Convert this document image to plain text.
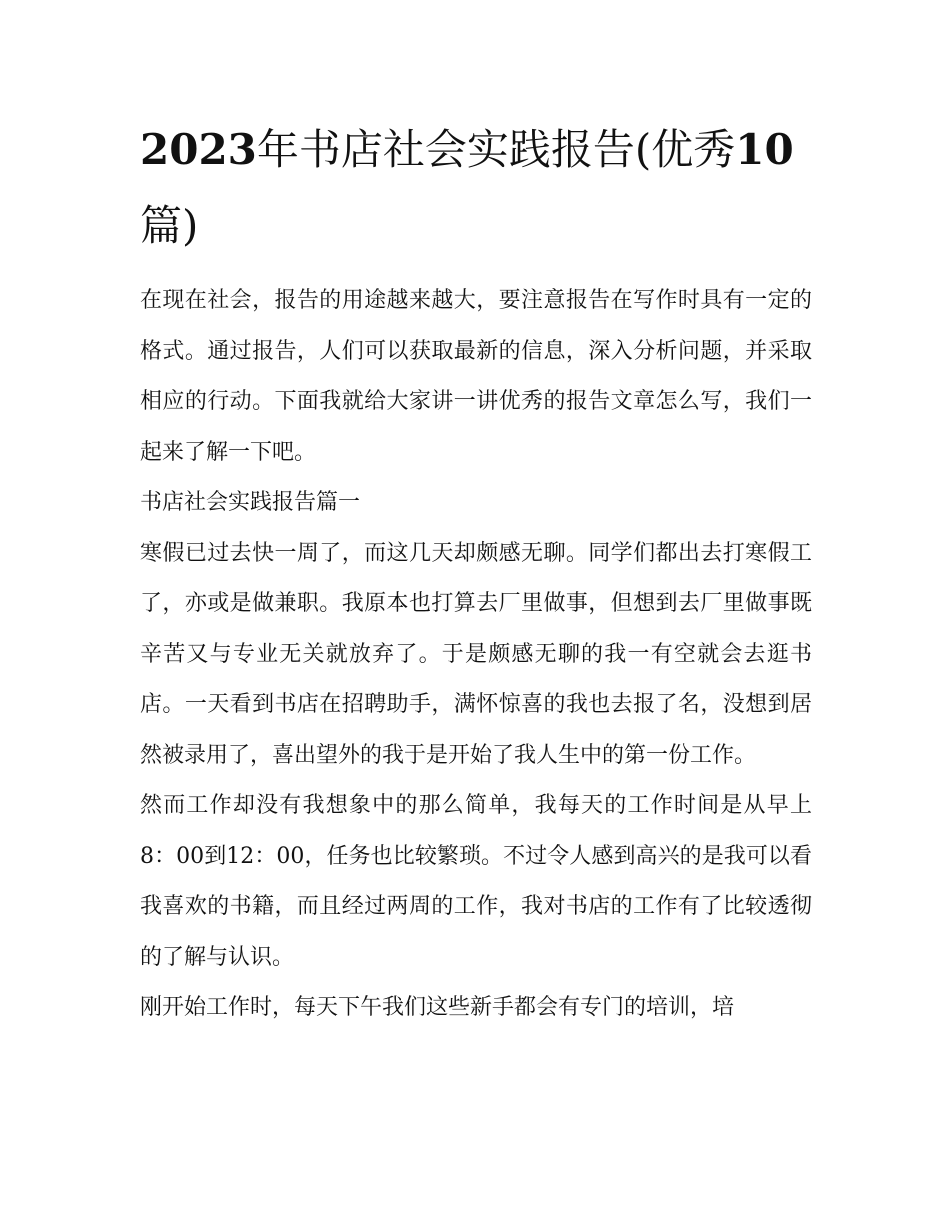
2023年书店社会实践报告(优秀10篇)

在现在社会，报告的用途越来越大，要注意报告在写作时具有一定的格式。通过报告，人们可以获取最新的信息，深入分析问题，并采取相应的行动。下面我就给大家讲一讲优秀的报告文章怎么写，我们一起来了解一下吧。

书店社会实践报告篇一

寒假已过去快一周了，而这几天却颇感无聊。同学们都出去打寒假工了，亦或是做兼职。我原本也打算去厂里做事，但想到去厂里做事既辛苦又与专业无关就放弃了。于是颇感无聊的我一有空就会去逛书店。一天看到书店在招聘助手，满怀惊喜的我也去报了名，没想到居然被录用了，喜出望外的我于是开始了我人生中的第一份工作。

然而工作却没有我想象中的那么简单，我每天的工作时间是从早上8：00到12：00，任务也比较繁琐。不过令人感到高兴的是我可以看我喜欢的书籍，而且经过两周的工作，我对书店的工作有了比较透彻的了解与认识。

刚开始工作时，每天下午我们这些新手都会有专门的培训，培
